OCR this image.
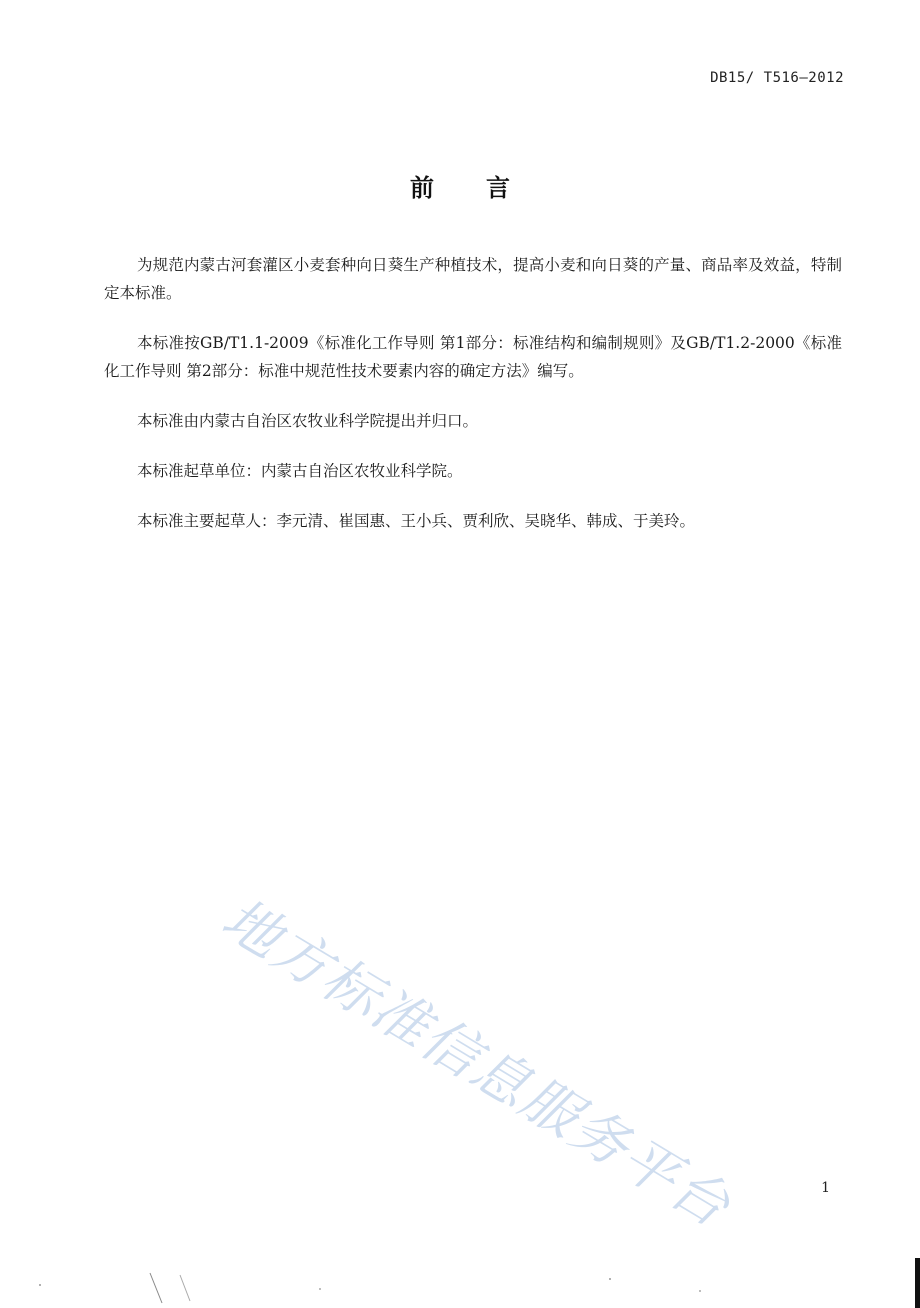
DB15/ T516—2012
前言

为规范内蒙古河套灌区小麦套种向日葵生产种植技术，提高小麦和向日葵的产量、商品率及效益，特制定本标准。

本标准按GB/T1.1-2009《标准化工作导则 第1部分：标准结构和编制规则》及GB/T1.2-2000《标准化工作导则 第2部分：标准中规范性技术要素内容的确定方法》编写。

本标准由内蒙古自治区农牧业科学院提出并归口。

本标准起草单位：内蒙古自治区农牧业科学院。

本标准主要起草人：李元清、崔国惠、王小兵、贾利欣、吴晓华、韩成、于美玲。

地方标准信息服务平台	1
